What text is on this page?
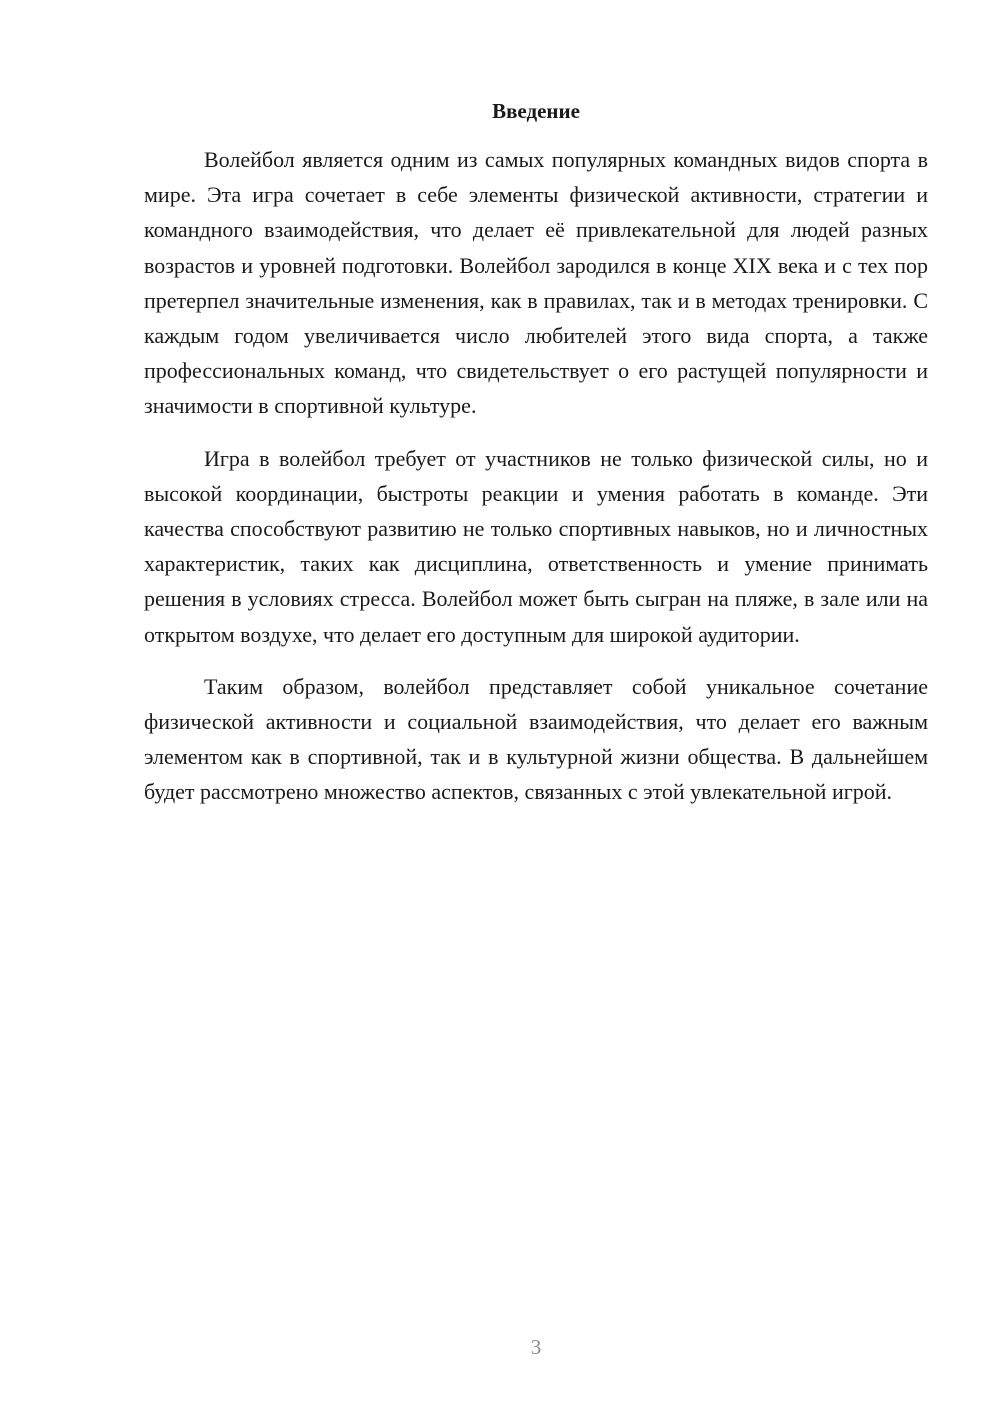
Введение

Волейбол является одним из самых популярных командных видов спорта в мире. Эта игра сочетает в себе элементы физической активности, стратегии и командного взаимодействия, что делает её привлекательной для людей разных возрастов и уровней подготовки. Волейбол зародился в конце XIX века и с тех пор претерпел значительные изменения, как в правилах, так и в методах тренировки. С каждым годом увеличивается число любителей этого вида спорта, а также профессиональных команд, что свидетельствует о его растущей популярности и значимости в спортивной культуре.

Игра в волейбол требует от участников не только физической силы, но и высокой координации, быстроты реакции и умения работать в команде. Эти качества способствуют развитию не только спортивных навыков, но и личностных характеристик, таких как дисциплина, ответственность и умение принимать решения в условиях стресса. Волейбол может быть сыгран на пляже, в зале или на открытом воздухе, что делает его доступным для широкой аудитории.

Таким образом, волейбол представляет собой уникальное сочетание физической активности и социальной взаимодействия, что делает его важным элементом как в спортивной, так и в культурной жизни общества. В дальнейшем будет рассмотрено множество аспектов, связанных с этой увлекательной игрой.

3
